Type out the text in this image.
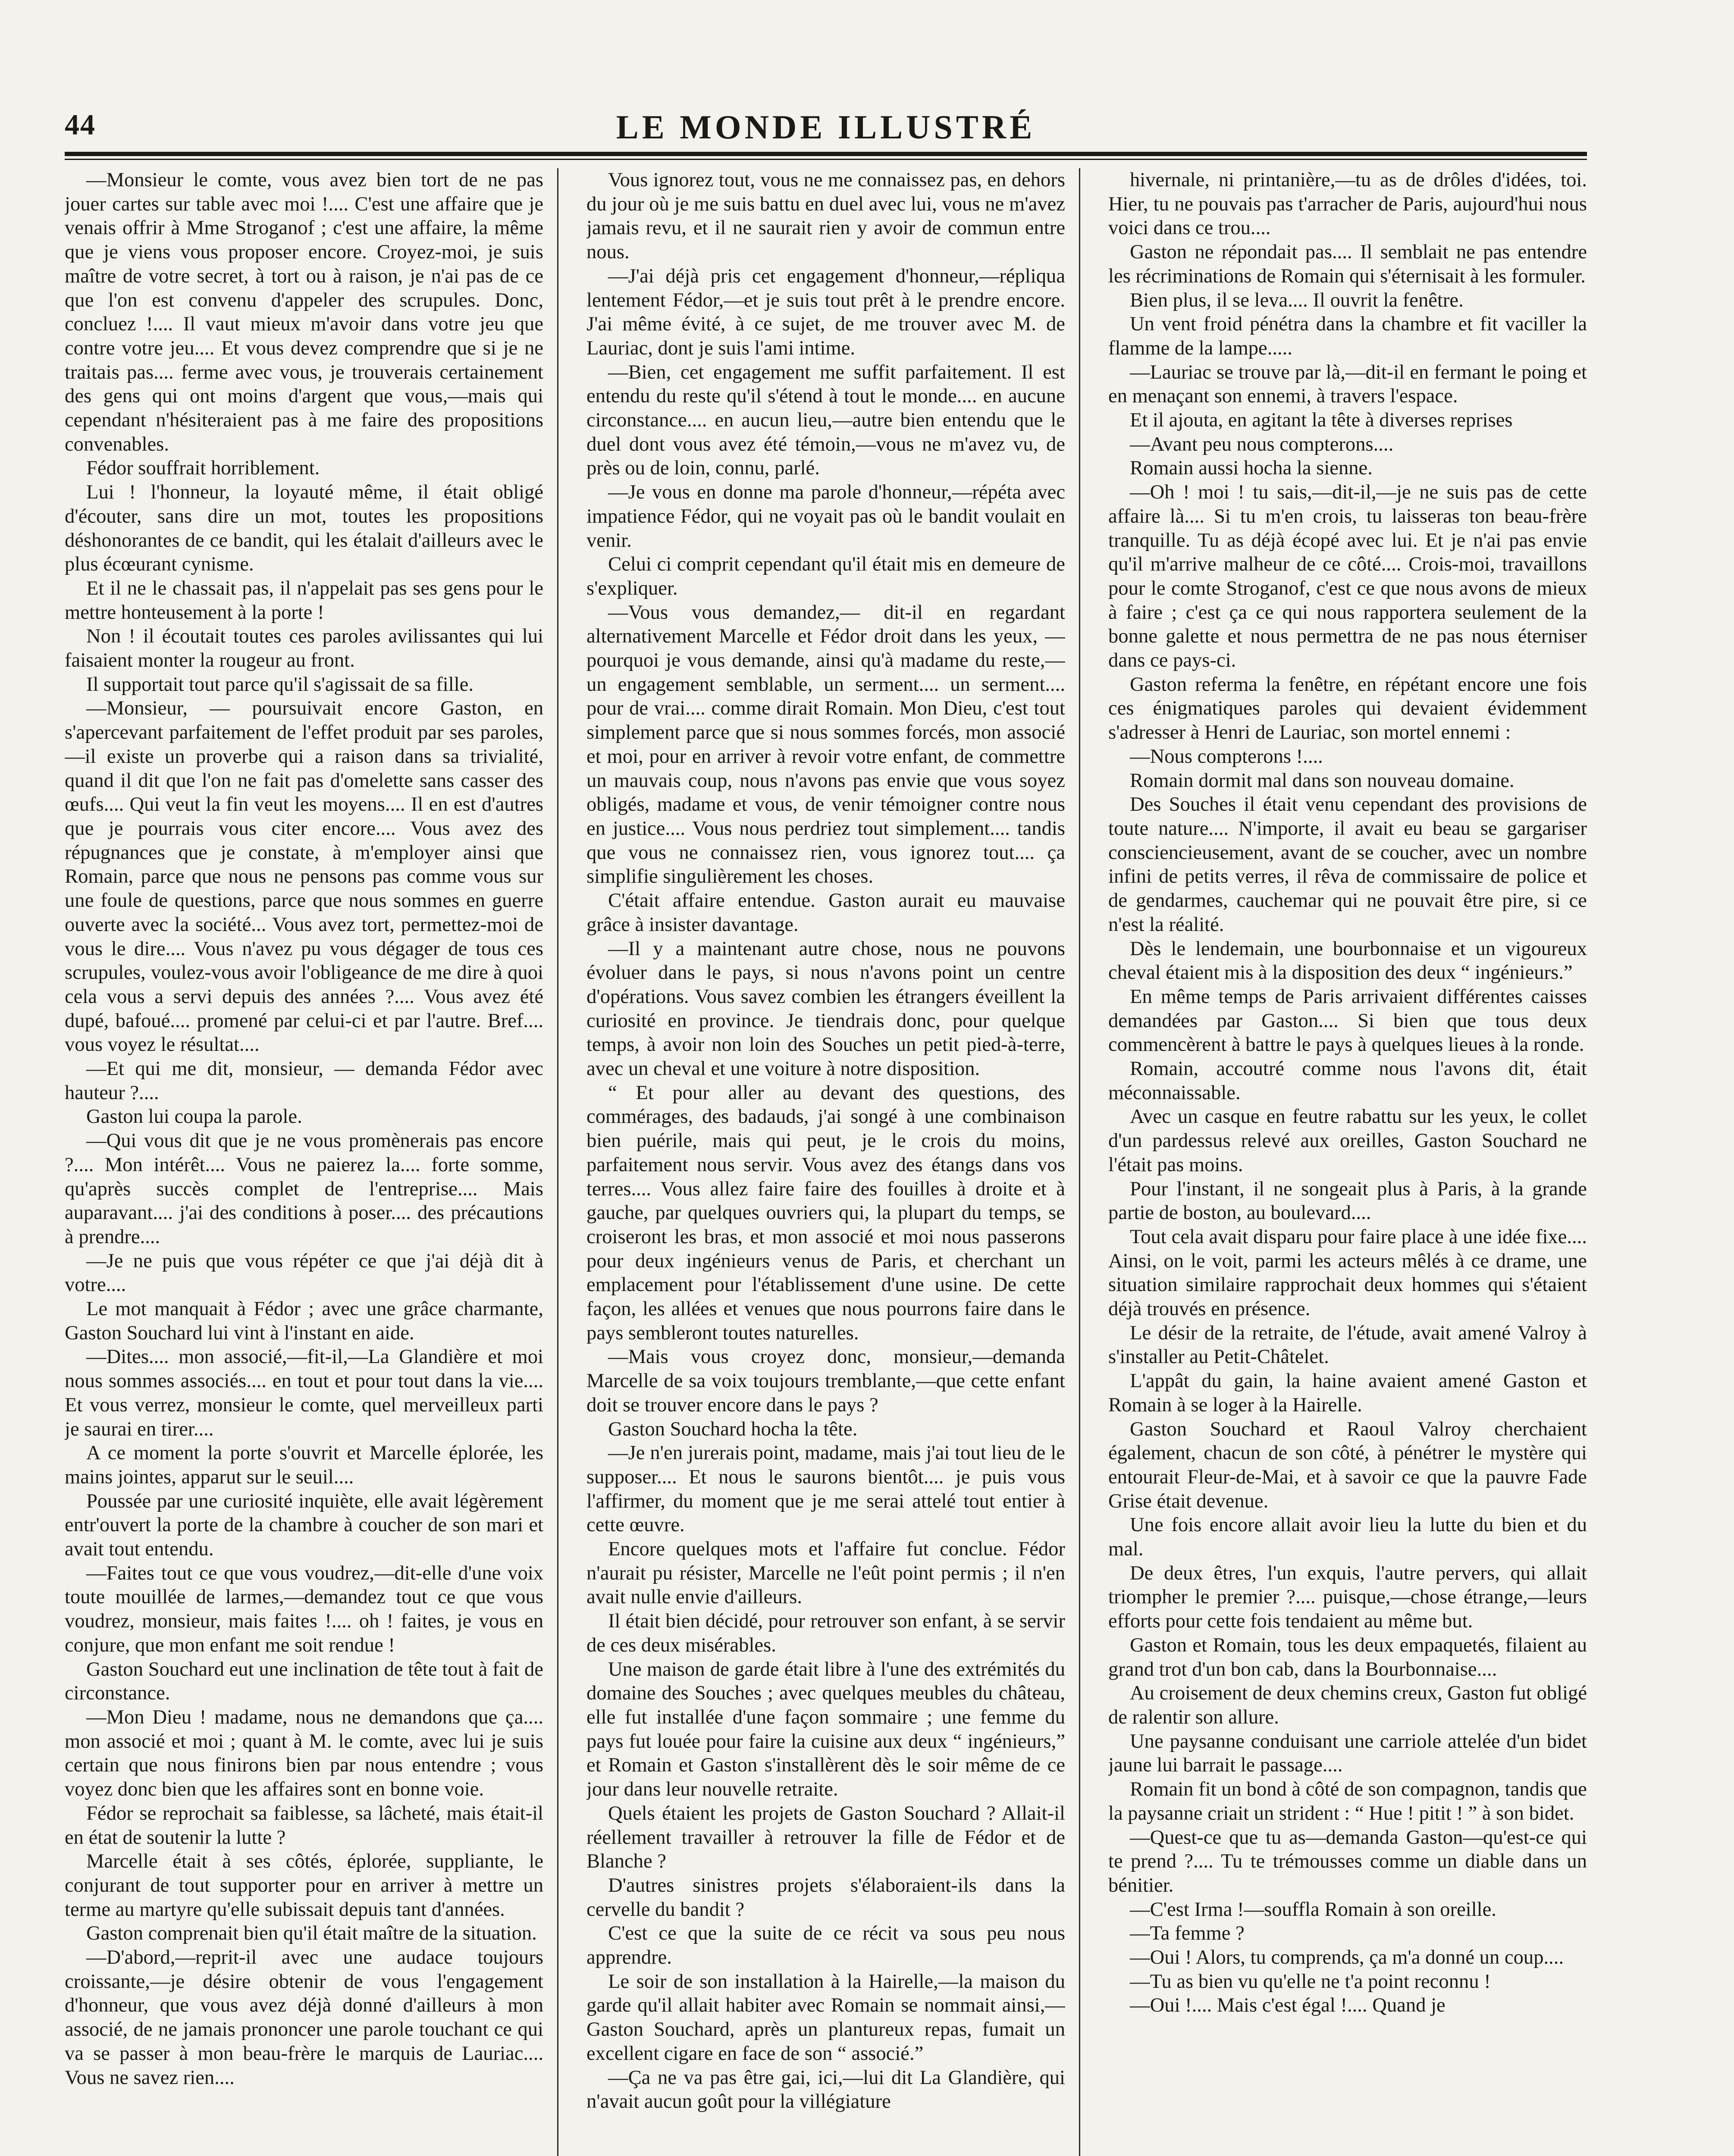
44	LE MONDE ILLUSTRÉ

—Monsieur le comte, vous avez bien tort de ne pas jouer cartes sur table avec moi !.... C'est une affaire que je venais offrir à Mme Stroganof ; c'est une affaire, la même que je viens vous proposer encore. Croyez-moi, je suis maître de votre secret, à tort ou à raison, je n'ai pas de ce que l'on est convenu d'appeler des scrupules. Donc, concluez !.... Il vaut mieux m'avoir dans votre jeu que contre votre jeu.... Et vous devez comprendre que si je ne traitais pas.... ferme avec vous, je trouverais certainement des gens qui ont moins d'argent que vous,—mais qui cependant n'hésiteraient pas à me faire des propositions convenables.

Fédor souffrait horriblement.

Lui ! l'honneur, la loyauté même, il était obligé d'écouter, sans dire un mot, toutes les propositions déshonorantes de ce bandit, qui les étalait d'ailleurs avec le plus écœurant cynisme.

Et il ne le chassait pas, il n'appelait pas ses gens pour le mettre honteusement à la porte !

Non ! il écoutait toutes ces paroles avilissantes qui lui faisaient monter la rougeur au front.

Il supportait tout parce qu'il s'agissait de sa fille.

—Monsieur, — poursuivait encore Gaston, en s'apercevant parfaitement de l'effet produit par ses paroles,—il existe un proverbe qui a raison dans sa trivialité, quand il dit que l'on ne fait pas d'omelette sans casser des œufs.... Qui veut la fin veut les moyens.... Il en est d'autres que je pourrais vous citer encore.... Vous avez des répugnances que je constate, à m'employer ainsi que Romain, parce que nous ne pensons pas comme vous sur une foule de questions, parce que nous sommes en guerre ouverte avec la société... Vous avez tort, permettez-moi de vous le dire.... Vous n'avez pu vous dégager de tous ces scrupules, voulez-vous avoir l'obligeance de me dire à quoi cela vous a servi depuis des années ?.... Vous avez été dupé, bafoué.... promené par celui-ci et par l'autre. Bref.... vous voyez le résultat....

—Et qui me dit, monsieur, — demanda Fédor avec hauteur ?....

Gaston lui coupa la parole.

—Qui vous dit que je ne vous promènerais pas encore ?.... Mon intérêt.... Vous ne paierez la.... forte somme, qu'après succès complet de l'entreprise.... Mais auparavant.... j'ai des conditions à poser.... des précautions à prendre....

—Je ne puis que vous répéter ce que j'ai déjà dit à votre....

Le mot manquait à Fédor ; avec une grâce charmante, Gaston Souchard lui vint à l'instant en aide.

—Dites.... mon associé,—fit-il,—La Glandière et moi nous sommes associés.... en tout et pour tout dans la vie.... Et vous verrez, monsieur le comte, quel merveilleux parti je saurai en tirer....

A ce moment la porte s'ouvrit et Marcelle éplorée, les mains jointes, apparut sur le seuil....

Poussée par une curiosité inquiète, elle avait légèrement entr'ouvert la porte de la chambre à coucher de son mari et avait tout entendu.

—Faites tout ce que vous voudrez,—dit-elle d'une voix toute mouillée de larmes,—demandez tout ce que vous voudrez, monsieur, mais faites !.... oh ! faites, je vous en conjure, que mon enfant me soit rendue !

Gaston Souchard eut une inclination de tête tout à fait de circonstance.

—Mon Dieu ! madame, nous ne demandons que ça.... mon associé et moi ; quant à M. le comte, avec lui je suis certain que nous finirons bien par nous entendre ; vous voyez donc bien que les affaires sont en bonne voie.

Fédor se reprochait sa faiblesse, sa lâcheté, mais était-il en état de soutenir la lutte ?

Marcelle était à ses côtés, éplorée, suppliante, le conjurant de tout supporter pour en arriver à mettre un terme au martyre qu'elle subissait depuis tant d'années.

Gaston comprenait bien qu'il était maître de la situation.

—D'abord,—reprit-il avec une audace toujours croissante,—je désire obtenir de vous l'engagement d'honneur, que vous avez déjà donné d'ailleurs à mon associé, de ne jamais prononcer une parole touchant ce qui va se passer à mon beau-frère le marquis de Lauriac.... Vous ne savez rien....

Vous ignorez tout, vous ne me connaissez pas, en dehors du jour où je me suis battu en duel avec lui, vous ne m'avez jamais revu, et il ne saurait rien y avoir de commun entre nous.

—J'ai déjà pris cet engagement d'honneur,—répliqua lentement Fédor,—et je suis tout prêt à le prendre encore. J'ai même évité, à ce sujet, de me trouver avec M. de Lauriac, dont je suis l'ami intime.

—Bien, cet engagement me suffit parfaitement. Il est entendu du reste qu'il s'étend à tout le monde.... en aucune circonstance.... en aucun lieu,—autre bien entendu que le duel dont vous avez été témoin,—vous ne m'avez vu, de près ou de loin, connu, parlé.

—Je vous en donne ma parole d'honneur,—répéta avec impatience Fédor, qui ne voyait pas où le bandit voulait en venir.

Celui ci comprit cependant qu'il était mis en demeure de s'expliquer.

—Vous vous demandez,— dit-il en regardant alternativement Marcelle et Fédor droit dans les yeux, — pourquoi je vous demande, ainsi qu'à madame du reste,—un engagement semblable, un serment.... un serment.... pour de vrai.... comme dirait Romain. Mon Dieu, c'est tout simplement parce que si nous sommes forcés, mon associé et moi, pour en arriver à revoir votre enfant, de commettre un mauvais coup, nous n'avons pas envie que vous soyez obligés, madame et vous, de venir témoigner contre nous en justice.... Vous nous perdriez tout simplement.... tandis que vous ne connaissez rien, vous ignorez tout.... ça simplifie singulièrement les choses.

C'était affaire entendue. Gaston aurait eu mauvaise grâce à insister davantage.

—Il y a maintenant autre chose, nous ne pouvons évoluer dans le pays, si nous n'avons point un centre d'opérations. Vous savez combien les étrangers éveillent la curiosité en province. Je tiendrais donc, pour quelque temps, à avoir non loin des Souches un petit pied-à-terre, avec un cheval et une voiture à notre disposition.

“ Et pour aller au devant des questions, des commérages, des badauds, j'ai songé à une combinaison bien puérile, mais qui peut, je le crois du moins, parfaitement nous servir. Vous avez des étangs dans vos terres.... Vous allez faire faire des fouilles à droite et à gauche, par quelques ouvriers qui, la plupart du temps, se croiseront les bras, et mon associé et moi nous passerons pour deux ingénieurs venus de Paris, et cherchant un emplacement pour l'établissement d'une usine. De cette façon, les allées et venues que nous pourrons faire dans le pays sembleront toutes naturelles.

—Mais vous croyez donc, monsieur,—demanda Marcelle de sa voix toujours tremblante,—que cette enfant doit se trouver encore dans le pays ?

Gaston Souchard hocha la tête.

—Je n'en jurerais point, madame, mais j'ai tout lieu de le supposer.... Et nous le saurons bientôt.... je puis vous l'affirmer, du moment que je me serai attelé tout entier à cette œuvre.

Encore quelques mots et l'affaire fut conclue. Fédor n'aurait pu résister, Marcelle ne l'eût point permis ; il n'en avait nulle envie d'ailleurs.

Il était bien décidé, pour retrouver son enfant, à se servir de ces deux misérables.

Une maison de garde était libre à l'une des extrémités du domaine des Souches ; avec quelques meubles du château, elle fut installée d'une façon sommaire ; une femme du pays fut louée pour faire la cuisine aux deux “ ingénieurs,” et Romain et Gaston s'installèrent dès le soir même de ce jour dans leur nouvelle retraite.

Quels étaient les projets de Gaston Souchard ? Allait-il réellement travailler à retrouver la fille de Fédor et de Blanche ?

D'autres sinistres projets s'élaboraient-ils dans la cervelle du bandit ?

C'est ce que la suite de ce récit va sous peu nous apprendre.

Le soir de son installation à la Hairelle,—la maison du garde qu'il allait habiter avec Romain se nommait ainsi,—Gaston Souchard, après un plantureux repas, fumait un excellent cigare en face de son “ associé.”

—Ça ne va pas être gai, ici,—lui dit La Glandière, qui n'avait aucun goût pour la villégiature

hivernale, ni printanière,—tu as de drôles d'idées, toi. Hier, tu ne pouvais pas t'arracher de Paris, aujourd'hui nous voici dans ce trou....

Gaston ne répondait pas.... Il semblait ne pas entendre les récriminations de Romain qui s'éternisait à les formuler.

Bien plus, il se leva.... Il ouvrit la fenêtre.

Un vent froid pénétra dans la chambre et fit vaciller la flamme de la lampe.....

—Lauriac se trouve par là,—dit-il en fermant le poing et en menaçant son ennemi, à travers l'espace.

Et il ajouta, en agitant la tête à diverses reprises

—Avant peu nous compterons....

Romain aussi hocha la sienne.

—Oh ! moi ! tu sais,—dit-il,—je ne suis pas de cette affaire là.... Si tu m'en crois, tu laisseras ton beau-frère tranquille. Tu as déjà écopé avec lui. Et je n'ai pas envie qu'il m'arrive malheur de ce côté.... Crois-moi, travaillons pour le comte Stroganof, c'est ce que nous avons de mieux à faire ; c'est ça ce qui nous rapportera seulement de la bonne galette et nous permettra de ne pas nous éterniser dans ce pays-ci.

Gaston referma la fenêtre, en répétant encore une fois ces énigmatiques paroles qui devaient évidemment s'adresser à Henri de Lauriac, son mortel ennemi :

—Nous compterons !....

Romain dormit mal dans son nouveau domaine.

Des Souches il était venu cependant des provisions de toute nature.... N'importe, il avait eu beau se gargariser consciencieusement, avant de se coucher, avec un nombre infini de petits verres, il rêva de commissaire de police et de gendarmes, cauchemar qui ne pouvait être pire, si ce n'est la réalité.

Dès le lendemain, une bourbonnaise et un vigoureux cheval étaient mis à la disposition des deux “ ingénieurs.”

En même temps de Paris arrivaient différentes caisses demandées par Gaston.... Si bien que tous deux commencèrent à battre le pays à quelques lieues à la ronde.

Romain, accoutré comme nous l'avons dit, était méconnaissable.

Avec un casque en feutre rabattu sur les yeux, le collet d'un pardessus relevé aux oreilles, Gaston Souchard ne l'était pas moins.

Pour l'instant, il ne songeait plus à Paris, à la grande partie de boston, au boulevard....

Tout cela avait disparu pour faire place à une idée fixe.... Ainsi, on le voit, parmi les acteurs mêlés à ce drame, une situation similaire rapprochait deux hommes qui s'étaient déjà trouvés en présence.

Le désir de la retraite, de l'étude, avait amené Valroy à s'installer au Petit-Châtelet.

L'appât du gain, la haine avaient amené Gaston et Romain à se loger à la Hairelle.

Gaston Souchard et Raoul Valroy cherchaient également, chacun de son côté, à pénétrer le mystère qui entourait Fleur-de-Mai, et à savoir ce que la pauvre Fade Grise était devenue.

Une fois encore allait avoir lieu la lutte du bien et du mal.

De deux êtres, l'un exquis, l'autre pervers, qui allait triompher le premier ?.... puisque,—chose étrange,—leurs efforts pour cette fois tendaient au même but.

Gaston et Romain, tous les deux empaquetés, filaient au grand trot d'un bon cab, dans la Bourbonnaise....

Au croisement de deux chemins creux, Gaston fut obligé de ralentir son allure.

Une paysanne conduisant une carriole attelée d'un bidet jaune lui barrait le passage....

Romain fit un bond à côté de son compagnon, tandis que la paysanne criait un strident : “ Hue ! pitit ! ” à son bidet.

—Quest-ce que tu as—demanda Gaston—qu'est-ce qui te prend ?.... Tu te trémousses comme un diable dans un bénitier.

—C'est Irma !—souffla Romain à son oreille.

—Ta femme ?

—Oui ! Alors, tu comprends, ça m'a donné un coup....

—Tu as bien vu qu'elle ne t'a point reconnu !

—Oui !.... Mais c'est égal !.... Quand je
